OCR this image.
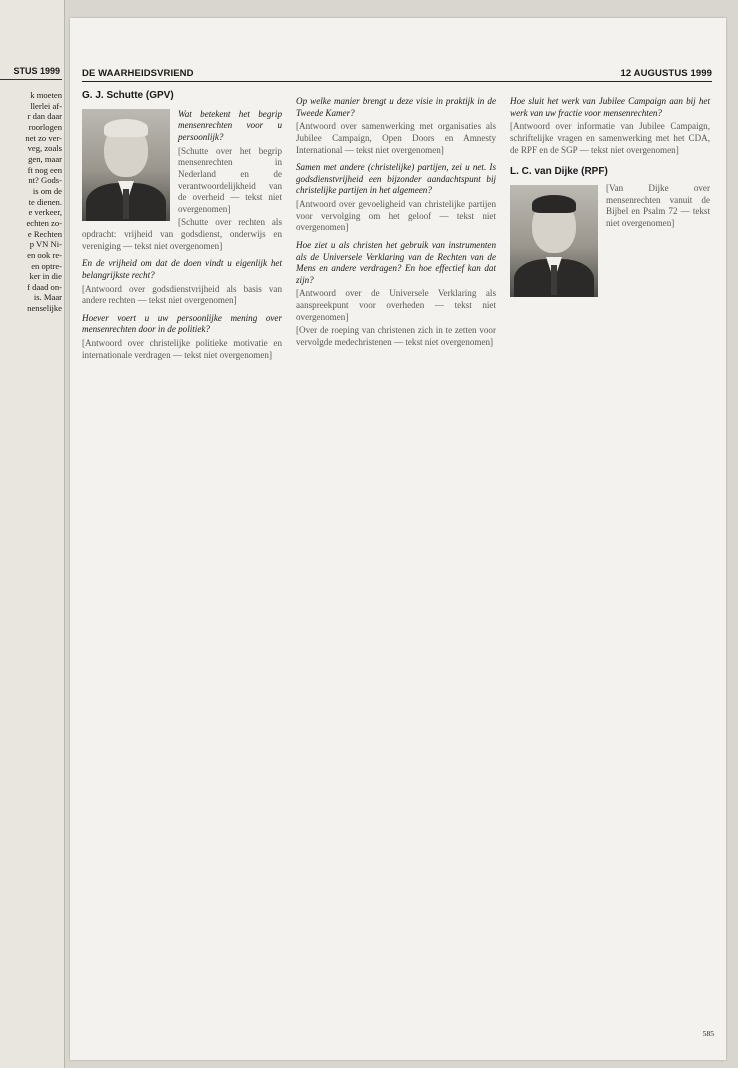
STUS 1999
k moeten
llerlei af-
r dan daar
roorlogen
net zo ver-
veg, zoals
gen, maar
ft nog een
nt? Gods-
is om de
te dienen.
e verkeer,
echten zo-
e Rechten
p VN Ni-
en ook re-
en optre-
ker in die
f daad on-
is. Maar
nenselijke
DE WAARHEIDSVRIEND	12 AUGUSTUS 1999
G. J. Schutte (GPV)
Wat betekent het begrip mensenrechten voor u persoonlijk?
[Schutte over het begrip mensenrechten in Nederland en de verantwoordelijkheid van de overheid — tekst niet overgenomen]
[Schutte over rechten als opdracht: vrijheid van godsdienst, onderwijs en vereniging — tekst niet overgenomen]
En de vrijheid om dat de doen vindt u eigenlijk het belangrijkste recht?
[Antwoord over godsdienstvrijheid als basis van andere rechten — tekst niet overgenomen]
Hoever voert u uw persoonlijke mening over mensenrechten door in de politiek?
[Antwoord over christelijke politieke motivatie en internationale verdragen — tekst niet overgenomen]
Op welke manier brengt u deze visie in praktijk in de Tweede Kamer?
[Antwoord over samenwerking met organisaties als Jubilee Campaign, Open Doors en Amnesty International — tekst niet overgenomen]
Samen met andere (christelijke) partijen, zei u net. Is godsdienstvrijheid een bijzonder aandachtspunt bij christelijke partijen in het algemeen?
[Antwoord over gevoeligheid van christelijke partijen voor vervolging om het geloof — tekst niet overgenomen]
Hoe ziet u als christen het gebruik van instrumenten als de Universele Verklaring van de Rechten van de Mens en andere verdragen? En hoe effectief kan dat zijn?
[Antwoord over de Universele Verklaring als aanspreekpunt voor overheden — tekst niet overgenomen]
[Over de roeping van christenen zich in te zetten voor vervolgde medechristenen — tekst niet overgenomen]
Hoe sluit het werk van Jubilee Campaign aan bij het werk van uw fractie voor mensenrechten?
[Antwoord over informatie van Jubilee Campaign, schriftelijke vragen en samenwerking met het CDA, de RPF en de SGP — tekst niet overgenomen]
L. C. van Dijke (RPF)
[Van Dijke over mensenrechten vanuit de Bijbel en Psalm 72 — tekst niet overgenomen]
585
